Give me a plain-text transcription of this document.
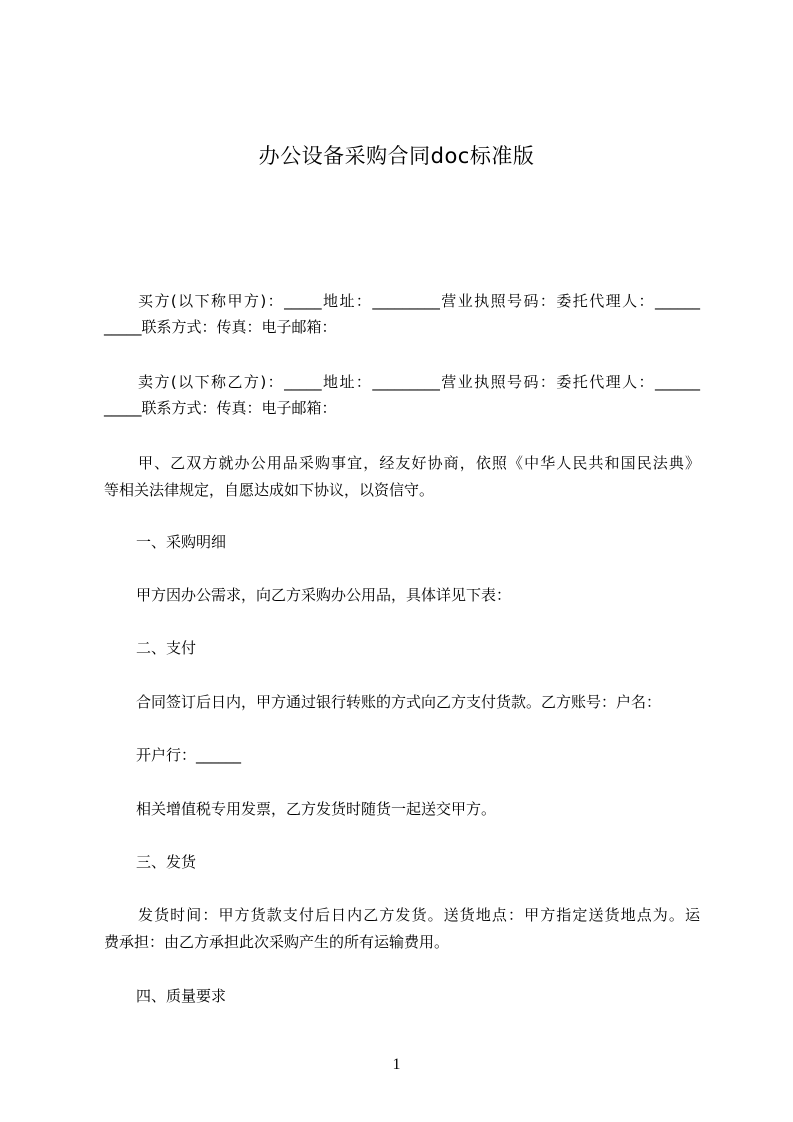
办公设备采购合同doc标准版
买方(以下称甲方)：_____地址：_________营业执照号码：委托代理人：______
_____联系方式：传真：电子邮箱：
卖方(以下称乙方)：_____地址：_________营业执照号码：委托代理人：______
_____联系方式：传真：电子邮箱：
甲、乙双方就办公用品采购事宜，经友好协商，依照《中华人民共和国民法典》
等相关法律规定，自愿达成如下协议，以资信守。
一、采购明细
甲方因办公需求，向乙方采购办公用品，具体详见下表：
二、支付
合同签订后日内，甲方通过银行转账的方式向乙方支付货款。乙方账号：户名：
开户行：______
相关增值税专用发票，乙方发货时随货一起送交甲方。
三、发货
发货时间：甲方货款支付后日内乙方发货。送货地点：甲方指定送货地点为。运
费承担：由乙方承担此次采购产生的所有运输费用。
四、质量要求
1
